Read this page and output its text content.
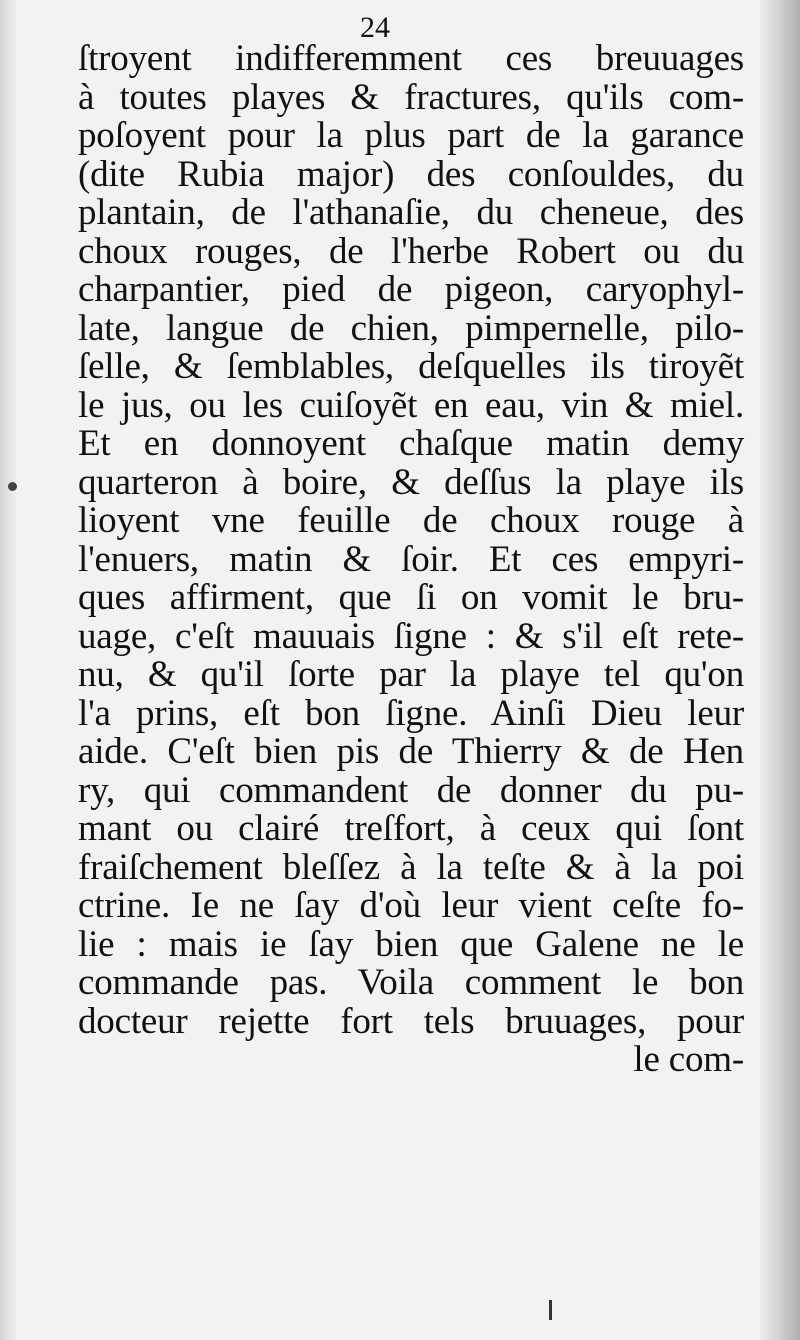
24
ſtroyent indifferemment ces breuuages
à toutes playes & fractures, qu'ils com-
poſoyent pour la plus part de la garance
(dite Rubia major) des conſouldes, du
plantain, de l'athanaſie, du cheneue, des
choux rouges, de l'herbe Robert ou du
charpantier, pied de pigeon, caryophyl-
late, langue de chien, pimpernelle, pilo-
ſelle, & ſemblables, deſquelles ils tiroyẽt
le jus, ou les cuiſoyẽt en eau, vin & miel.
Et en donnoyent chaſque matin demy
quarteron à boire, & deſſus la playe ils
lioyent vne feuille de choux rouge à
l'enuers, matin & ſoir. Et ces empyri-
ques affirment, que ſi on vomit le bru-
uage, c'eſt mauuais ſigne : & s'il eſt rete-
nu, & qu'il ſorte par la playe tel qu'on
l'a prins, eſt bon ſigne. Ainſi Dieu leur
aide. C'eſt bien pis de Thierry & de Hen
ry, qui commandent de donner du pu-
mant ou clairé treſfort, à ceux qui ſont
fraiſchement bleſſez à la teſte & à la poi
ctrine. Ie ne ſay d'où leur vient ceſte fo-
lie : mais ie ſay bien que Galene ne le
commande pas. Voila comment le bon
docteur rejette fort tels bruuages, pour
le com-
